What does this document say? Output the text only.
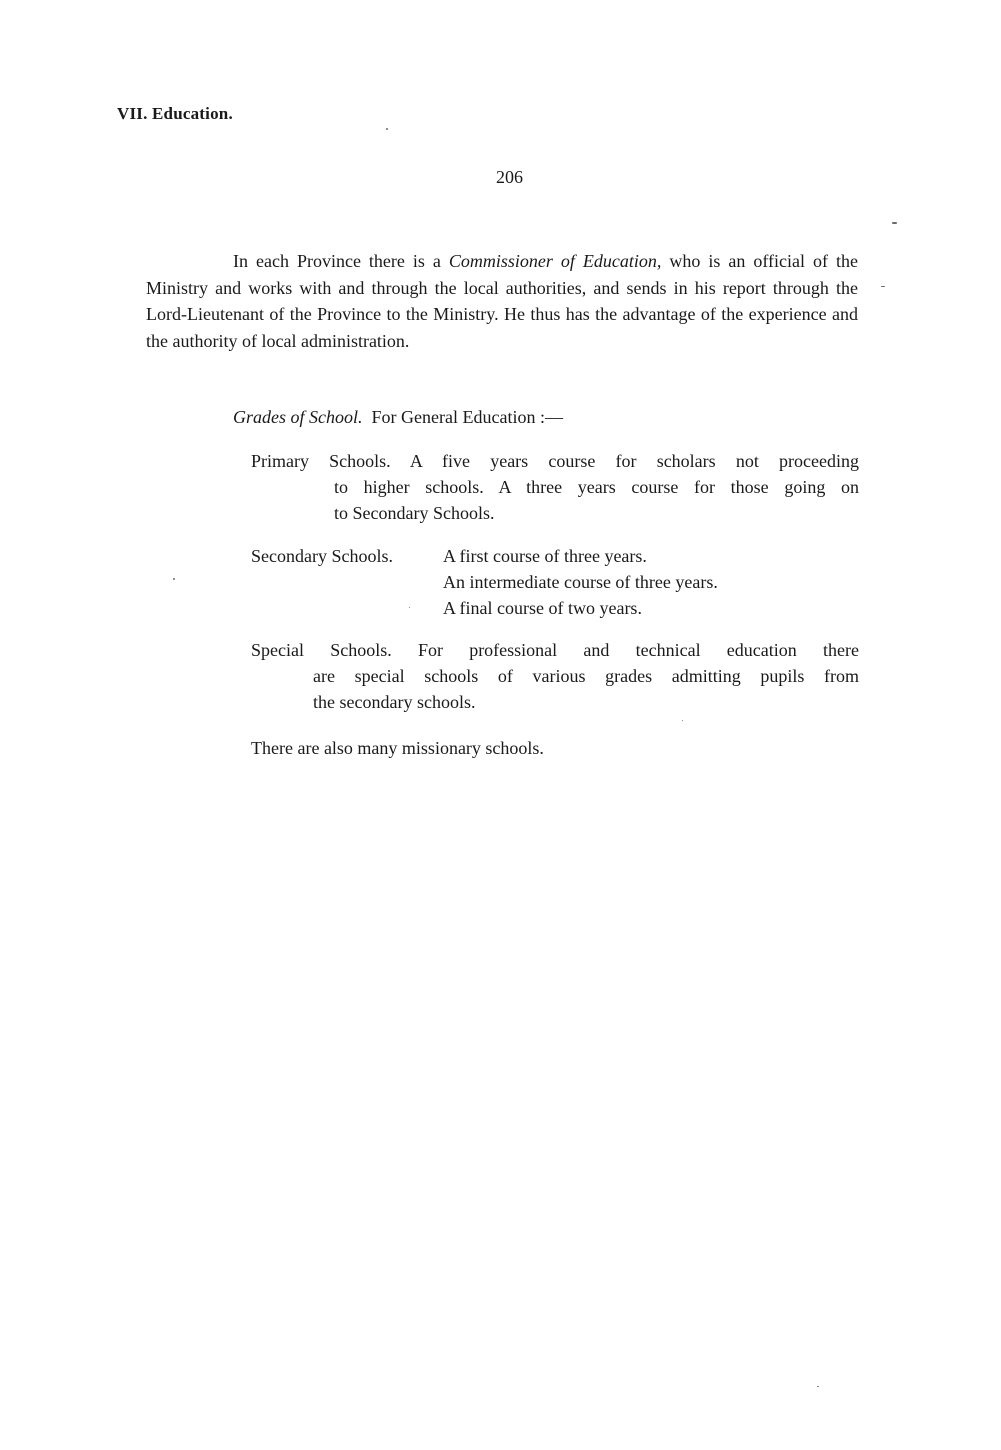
VII. Education.
206

In each Province there is a Commissioner of Education, who is an official of the Ministry and works with and through the local authorities, and sends in his report through the Lord-Lieutenant of the Province to the Ministry. He thus has the advantage of the experience and the authority of local administration.

Grades of School. For General Education :—
Primary Schools. A five years course for scholars not proceeding
to higher schools. A three years course for those going on
to Secondary Schools.
Secondary Schools.	A first course of three years.
An intermediate course of three years.
A final course of two years.
Special Schools. For professional and technical education there
are special schools of various grades admitting pupils from
the secondary schools.
There are also many missionary schools.
